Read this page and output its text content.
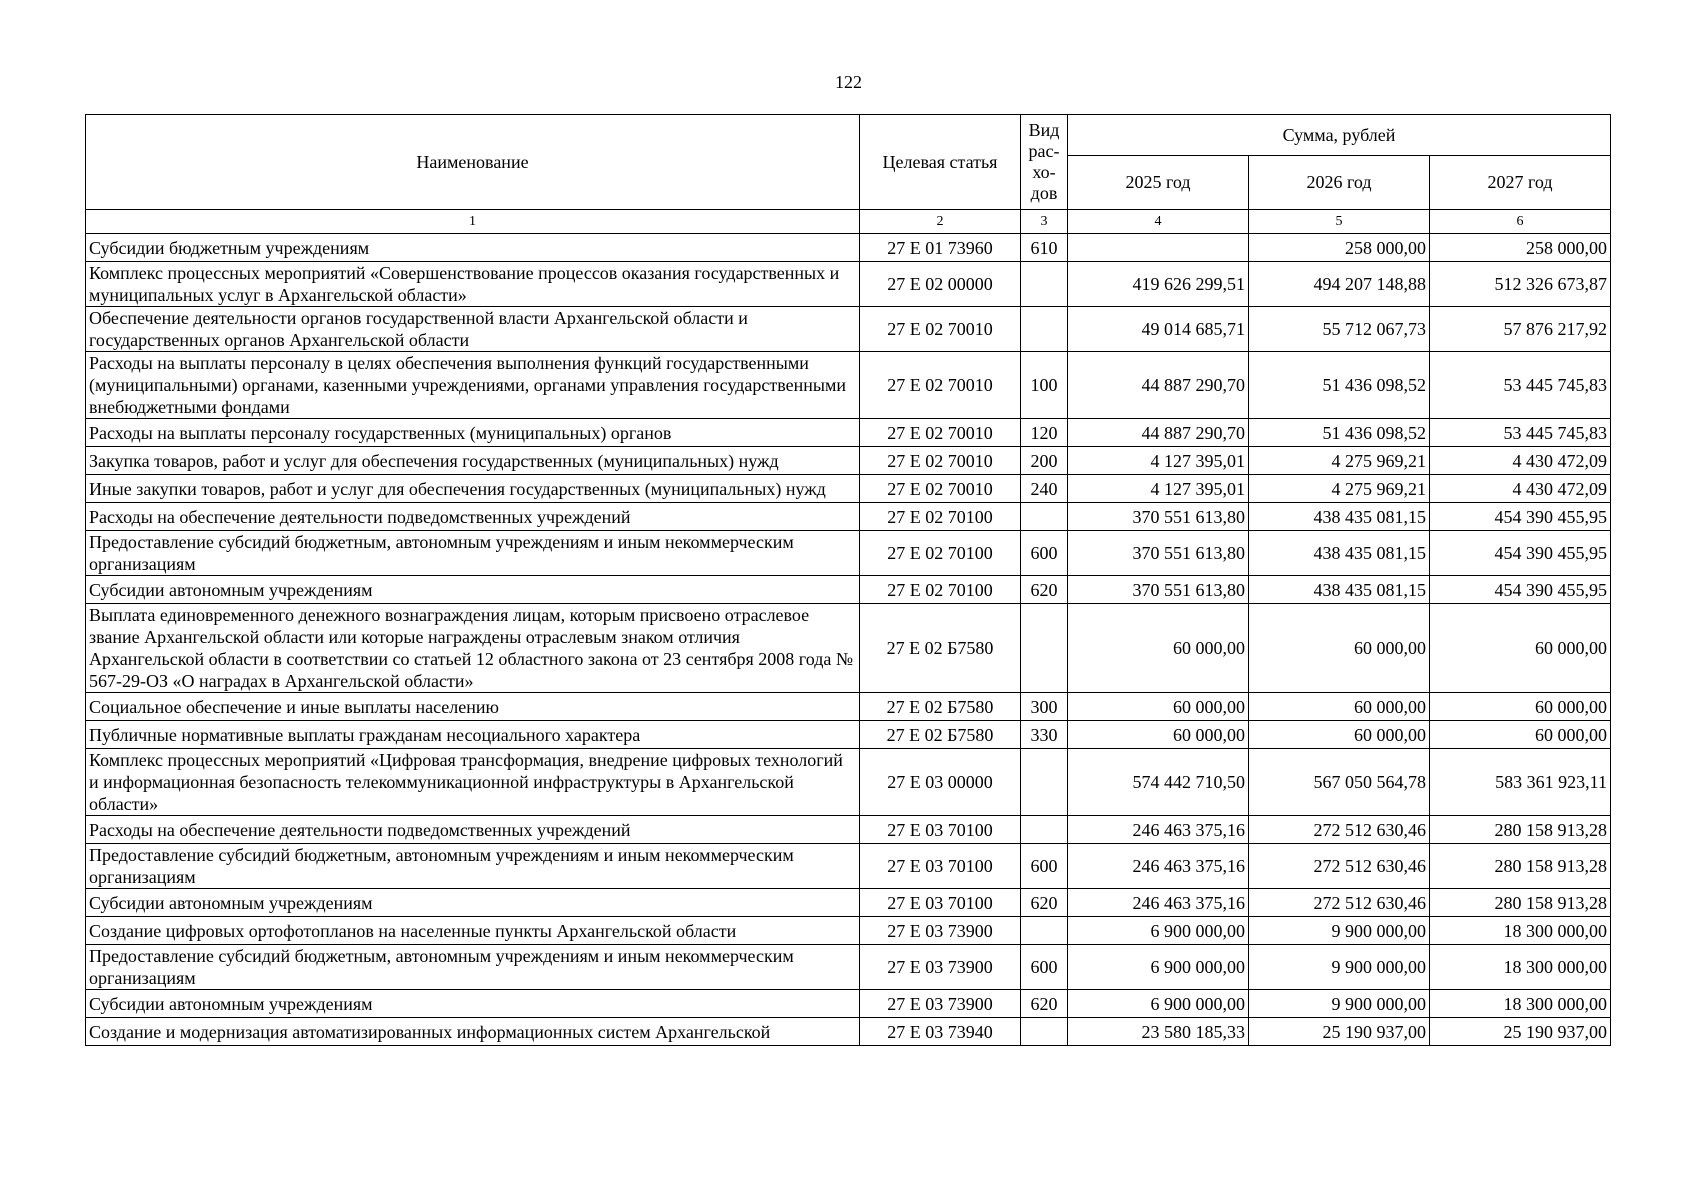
122
Наименование	Целевая статья	Вид рас-хо-дов	Сумма, рублей		
			2025 год	2026 год	2027 год
1	2	3	4	5	6
Субсидии бюджетным учреждениям	27 Е 01 73960	610		258 000,00	258 000,00
Комплекс процессных мероприятий «Совершенствование процессов оказания государственных и муниципальных услуг в Архангельской области»	27 Е 02 00000		419 626 299,51	494 207 148,88	512 326 673,87
Обеспечение деятельности органов государственной власти Архангельской области и государственных органов Архангельской области	27 Е 02 70010		49 014 685,71	55 712 067,73	57 876 217,92
Расходы на выплаты персоналу в целях обеспечения выполнения функций государственными (муниципальными) органами, казенными учреждениями, органами управления государственными внебюджетными фондами	27 Е 02 70010	100	44 887 290,70	51 436 098,52	53 445 745,83
Расходы на выплаты персоналу государственных (муниципальных) органов	27 Е 02 70010	120	44 887 290,70	51 436 098,52	53 445 745,83
Закупка товаров, работ и услуг для обеспечения государственных (муниципальных) нужд	27 Е 02 70010	200	4 127 395,01	4 275 969,21	4 430 472,09
Иные закупки товаров, работ и услуг для обеспечения государственных (муниципальных) нужд	27 Е 02 70010	240	4 127 395,01	4 275 969,21	4 430 472,09
Расходы на обеспечение деятельности подведомственных учреждений	27 Е 02 70100		370 551 613,80	438 435 081,15	454 390 455,95
Предоставление субсидий бюджетным, автономным учреждениям и иным некоммерческим организациям	27 Е 02 70100	600	370 551 613,80	438 435 081,15	454 390 455,95
Субсидии автономным учреждениям	27 Е 02 70100	620	370 551 613,80	438 435 081,15	454 390 455,95
Выплата единовременного денежного вознаграждения лицам, которым присвоено отраслевое звание Архангельской области или которые награждены отраслевым знаком отличия Архангельской области в соответствии со статьей 12 областного закона от 23 сентября 2008 года № 567-29-ОЗ «О наградах в Архангельской области»	27 Е 02 Б7580		60 000,00	60 000,00	60 000,00
Социальное обеспечение и иные выплаты населению	27 Е 02 Б7580	300	60 000,00	60 000,00	60 000,00
Публичные нормативные выплаты гражданам несоциального характера	27 Е 02 Б7580	330	60 000,00	60 000,00	60 000,00
Комплекс процессных мероприятий «Цифровая трансформация, внедрение цифровых технологий и информационная безопасность телекоммуникационной инфраструктуры в Архангельской области»	27 Е 03 00000		574 442 710,50	567 050 564,78	583 361 923,11
Расходы на обеспечение деятельности подведомственных учреждений	27 Е 03 70100		246 463 375,16	272 512 630,46	280 158 913,28
Предоставление субсидий бюджетным, автономным учреждениям и иным некоммерческим организациям	27 Е 03 70100	600	246 463 375,16	272 512 630,46	280 158 913,28
Субсидии автономным учреждениям	27 Е 03 70100	620	246 463 375,16	272 512 630,46	280 158 913,28
Создание цифровых ортофотопланов на населенные пункты Архангельской области	27 Е 03 73900		6 900 000,00	9 900 000,00	18 300 000,00
Предоставление субсидий бюджетным, автономным учреждениям и иным некоммерческим организациям	27 Е 03 73900	600	6 900 000,00	9 900 000,00	18 300 000,00
Субсидии автономным учреждениям	27 Е 03 73900	620	6 900 000,00	9 900 000,00	18 300 000,00
Создание и модернизация автоматизированных информационных систем Архангельской	27 Е 03 73940		23 580 185,33	25 190 937,00	25 190 937,00
